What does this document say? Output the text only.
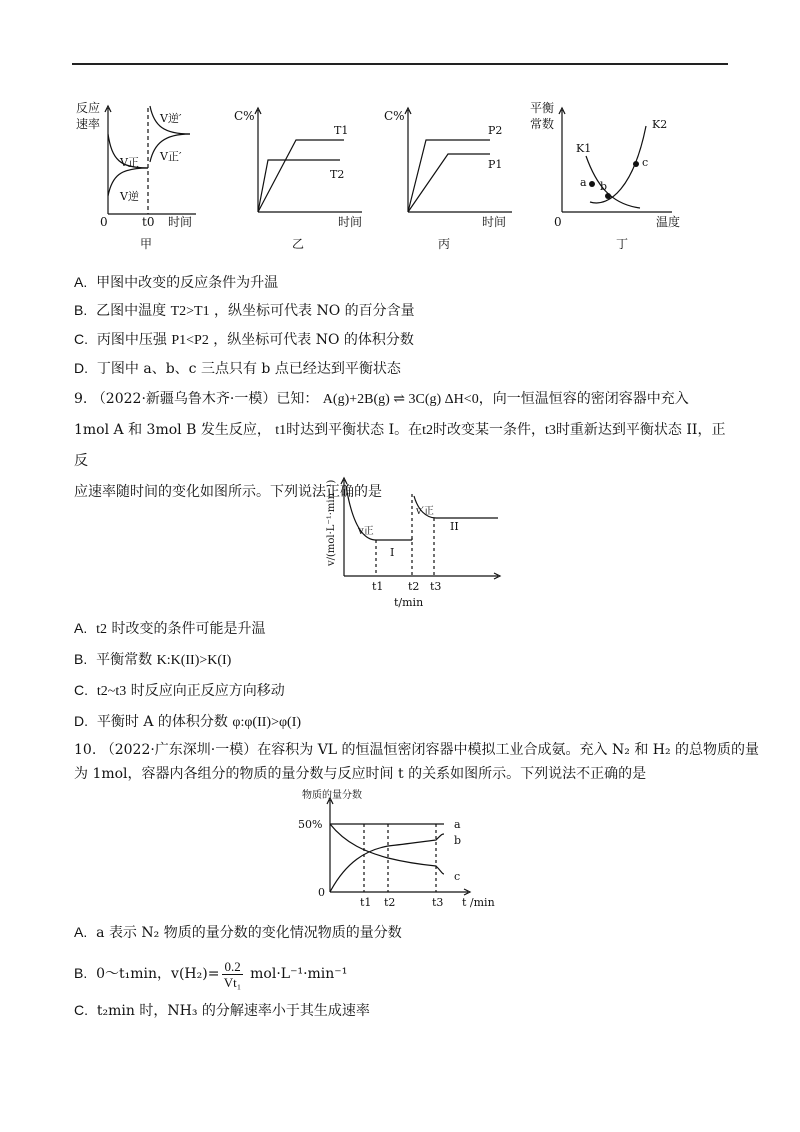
反应
速率	V逆′
V正′
V正
V逆
0	t0 时间
甲
C%
T1
T2
时间
乙
C%
P2
P1
时间
丙
平衡
常数
K1
K2
a b
c
0	温度
丁
A. 甲图中改变的反应条件为升温
B. 乙图中温度 T2>T1 ，纵坐标可代表 NO 的百分含量
C. 丙图中压强 P1<P2 ，纵坐标可代表 NO 的体积分数
D. 丁图中 a、b、c 三点只有 b 点已经达到平衡状态
9. （2022·新疆乌鲁木齐·一模）已知： A(g)+2B(g) ⇌ 3C(g) ΔH<0，向一恒温恒容的密闭容器中充入
1mol A 和 3mol B 发生反应， t1时达到平衡状态 I。在t2时改变某一条件，t3时重新达到平衡状态 II，正反
应速率随时间的变化如图所示。下列说法正确的是
v/(mol·L⁻¹·min⁻¹) v正
v′正
I
II
t1 t2 t3
t/min
A. t2 时改变的条件可能是升温
B. 平衡常数 K:K(II)>K(I)
C. t2~t3 时反应向正反应方向移动
D. 平衡时 A 的体积分数 φ:φ(II)>φ(I)
10. （2022·广东深圳·一模）在容积为 VL 的恒温恒密闭容器中模拟工业合成氨。充入 N₂ 和 H₂ 的总物质的量
为 1mol，容器内各组分的物质的量分数与反应时间 t 的关系如图所示。下列说法不正确的是
物质的量分数
50%
0
a
b
c
t1 t2	t3 t /min
A. a 表示 N₂ 物质的量分数的变化情况物质的量分数
B. 0～t₁min，$v(H_2)= \frac{0.2}{\text{Vt₁}} mol\cdot L^{-1}\cdot\min^{-1}$
C. t₂min 时，NH₃ 的分解速率小于其生成速率
